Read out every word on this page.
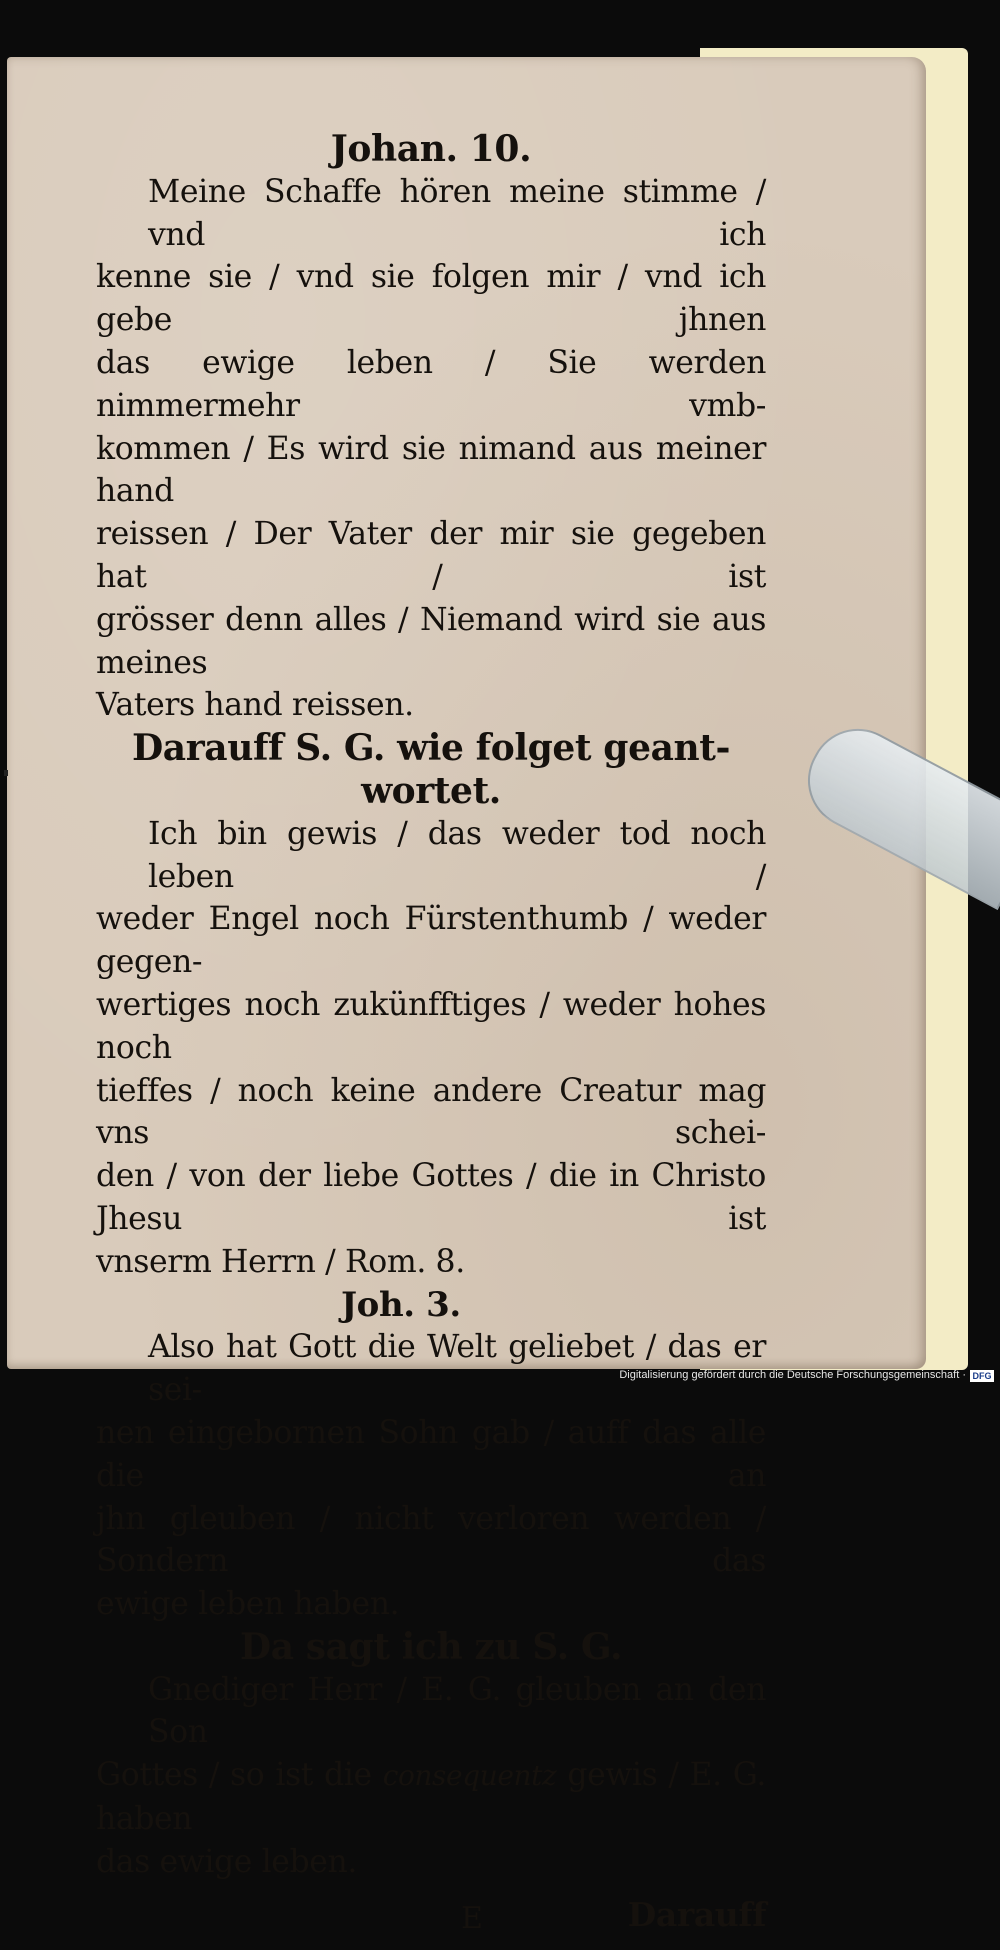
Johan. 10.
Meine Schaffe hören meine stimme / vnd ich
kenne sie / vnd sie folgen mir / vnd ich gebe jhnen
das ewige leben / Sie werden nimmermehr vmb-
kommen / Es wird sie nimand aus meiner hand
reissen / Der Vater der mir sie gegeben hat / ist
grösser denn alles / Niemand wird sie aus meines
Vaters hand reissen.
Darauff S. G. wie folget geant-
wortet.
Ich bin gewis / das weder tod noch leben /
weder Engel noch Fürstenthumb / weder gegen-
wertiges noch zukünfftiges / weder hohes noch
tieffes / noch keine andere Creatur mag vns schei-
den / von der liebe Gottes / die in Christo Jhesu ist
vnserm Herrn / Rom. 8.
Joh. 3.
Also hat Gott die Welt geliebet / das er sei-
nen eingebornen Sohn gab / auff das alle die an
jhn gleuben / nicht verloren werden / Sondern das
ewige leben haben.
Da sagt ich zu S. G.
Gnediger Herr / E. G. gleuben an den Son
Gottes / so ist die consequentz gewis / E. G. haben
das ewige leben.
E	Darauff
Digitalisierung gefördert durch die Deutsche Forschungsgemeinschaft · DFG
